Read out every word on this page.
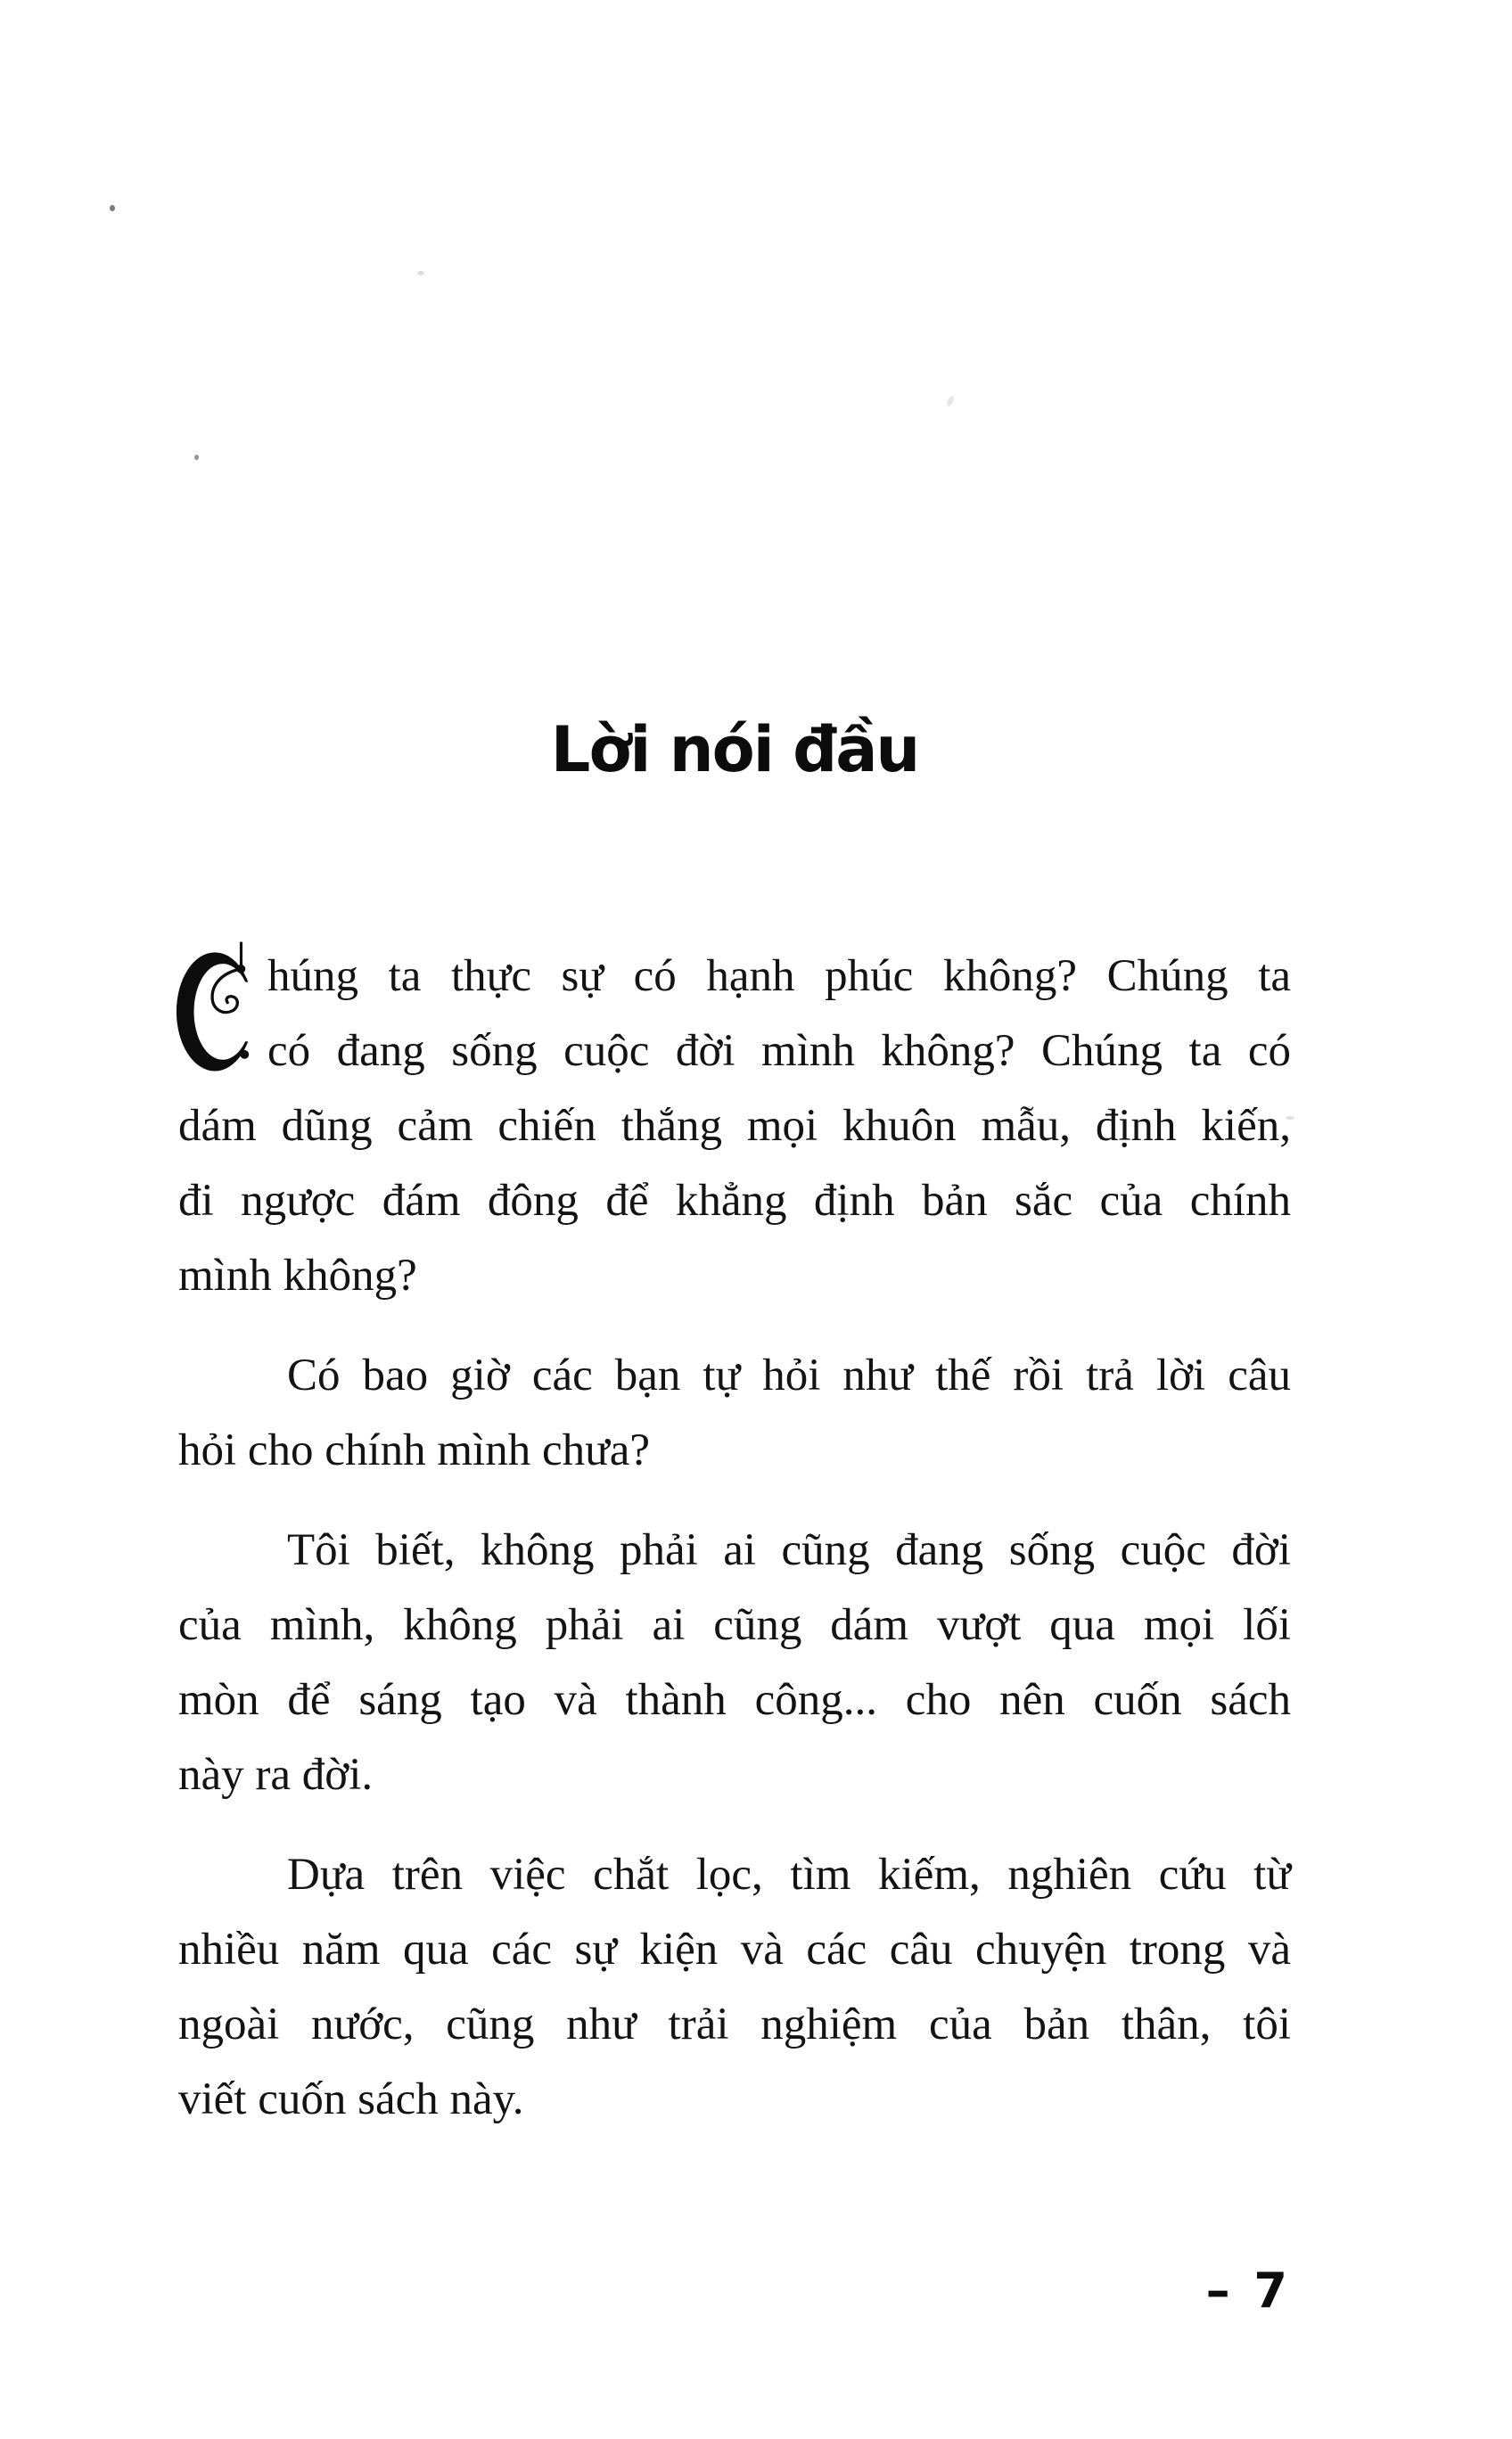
Lời nói đầu
húng ta thực sự có hạnh phúc không? Chúng ta
có đang sống cuộc đời mình không? Chúng ta có
dám dũng cảm chiến thắng mọi khuôn mẫu, định kiến,
đi ngược đám đông để khẳng định bản sắc của chính
mình không?
Có bao giờ các bạn tự hỏi như thế rồi trả lời câu
hỏi cho chính mình chưa?
Tôi biết, không phải ai cũng đang sống cuộc đời
của mình, không phải ai cũng dám vượt qua mọi lối
mòn để sáng tạo và thành công... cho nên cuốn sách
này ra đời.
Dựa trên việc chắt lọc, tìm kiếm, nghiên cứu từ
nhiều năm qua các sự kiện và các câu chuyện trong và
ngoài nước, cũng như trải nghiệm của bản thân, tôi
viết cuốn sách này.
– 7
